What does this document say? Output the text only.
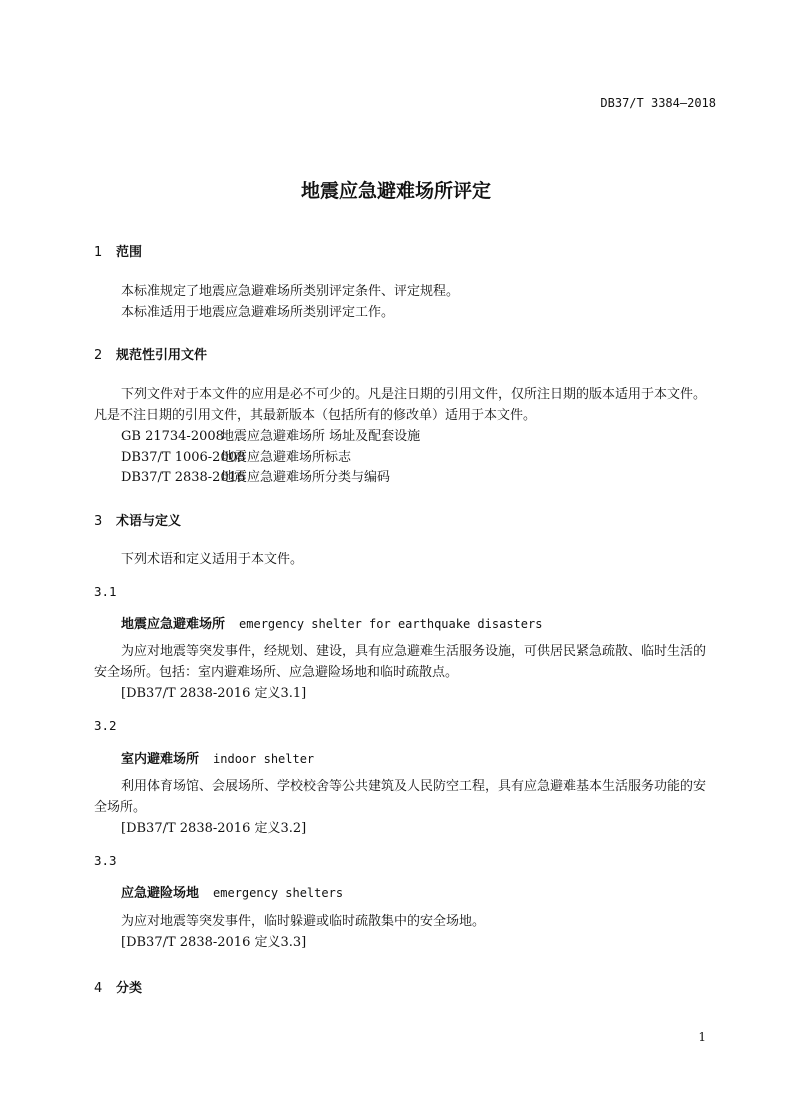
DB37/T 3384—2018
地震应急避难场所评定
1 范围
本标准规定了地震应急避难场所类别评定条件、评定规程。
本标准适用于地震应急避难场所类别评定工作。
2 规范性引用文件
下列文件对于本文件的应用是必不可少的。凡是注日期的引用文件，仅所注日期的版本适用于本文件。凡是不注日期的引用文件，其最新版本（包括所有的修改单）适用于本文件。
GB 21734-2008地震应急避难场所 场址及配套设施
DB37/T 1006-2008地震应急避难场所标志
DB37/T 2838-2016地震应急避难场所分类与编码
3 术语与定义
下列术语和定义适用于本文件。
3.1
地震应急避难场所 emergency shelter for earthquake disasters
为应对地震等突发事件，经规划、建设，具有应急避难生活服务设施，可供居民紧急疏散、临时生活的安全场所。包括：室内避难场所、应急避险场地和临时疏散点。
[DB37/T 2838-2016 定义3.1]
3.2
室内避难场所 indoor shelter
利用体育场馆、会展场所、学校校舍等公共建筑及人民防空工程，具有应急避难基本生活服务功能的安全场所。
[DB37/T 2838-2016 定义3.2]
3.3
应急避险场地 emergency shelters
为应对地震等突发事件，临时躲避或临时疏散集中的安全场地。
[DB37/T 2838-2016 定义3.3]
4 分类
1
